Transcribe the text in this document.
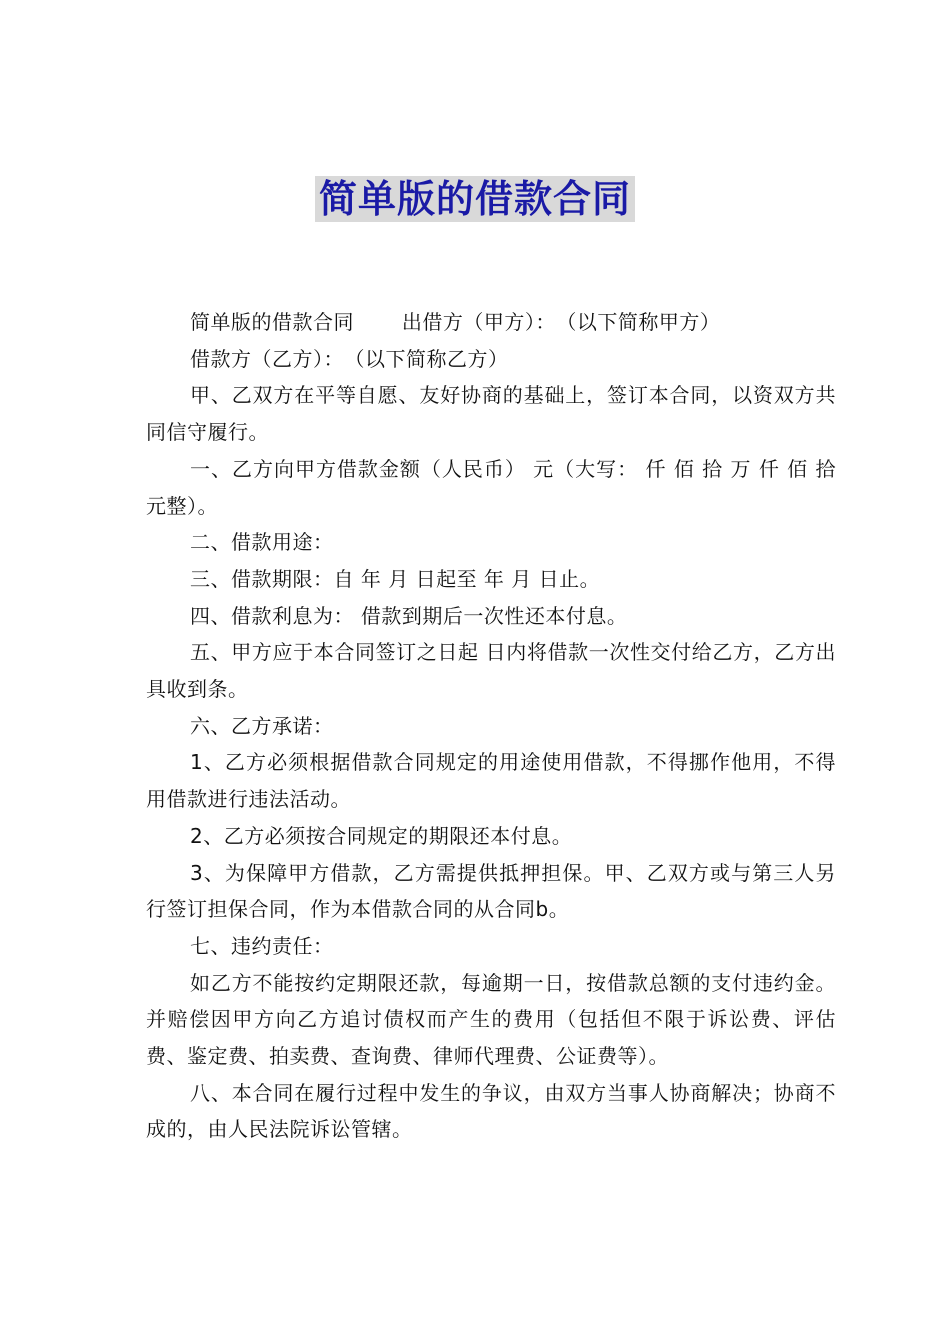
简单版的借款合同

简单版的借款合同　　 出借方（甲方）：　（以下简称甲方）

借款方（乙方）：　（以下简称乙方）

甲、乙双方在平等自愿、友好协商的基础上，签订本合同，以资双方共同信守履行。

一、乙方向甲方借款金额（人民币） 元（大写： 仟 佰 拾 万 仟 佰 拾 元整）。

二、借款用途：

三、借款期限：自 年 月 日起至 年 月 日止。

四、借款利息为： 借款到期后一次性还本付息。

五、甲方应于本合同签订之日起 日内将借款一次性交付给乙方，乙方出具收到条。

六、乙方承诺：

1、乙方必须根据借款合同规定的用途使用借款，不得挪作他用，不得用借款进行违法活动。

2、乙方必须按合同规定的期限还本付息。

3、为保障甲方借款，乙方需提供抵押担保。甲、乙双方或与第三人另行签订担保合同，作为本借款合同的从合同b。

七、违约责任：

如乙方不能按约定期限还款，每逾期一日，按借款总额的支付违约金。并赔偿因甲方向乙方追讨债权而产生的费用（包括但不限于诉讼费、评估费、鉴定费、拍卖费、查询费、律师代理费、公证费等）。

八、本合同在履行过程中发生的争议，由双方当事人协商解决；协商不成的，由人民法院诉讼管辖。
